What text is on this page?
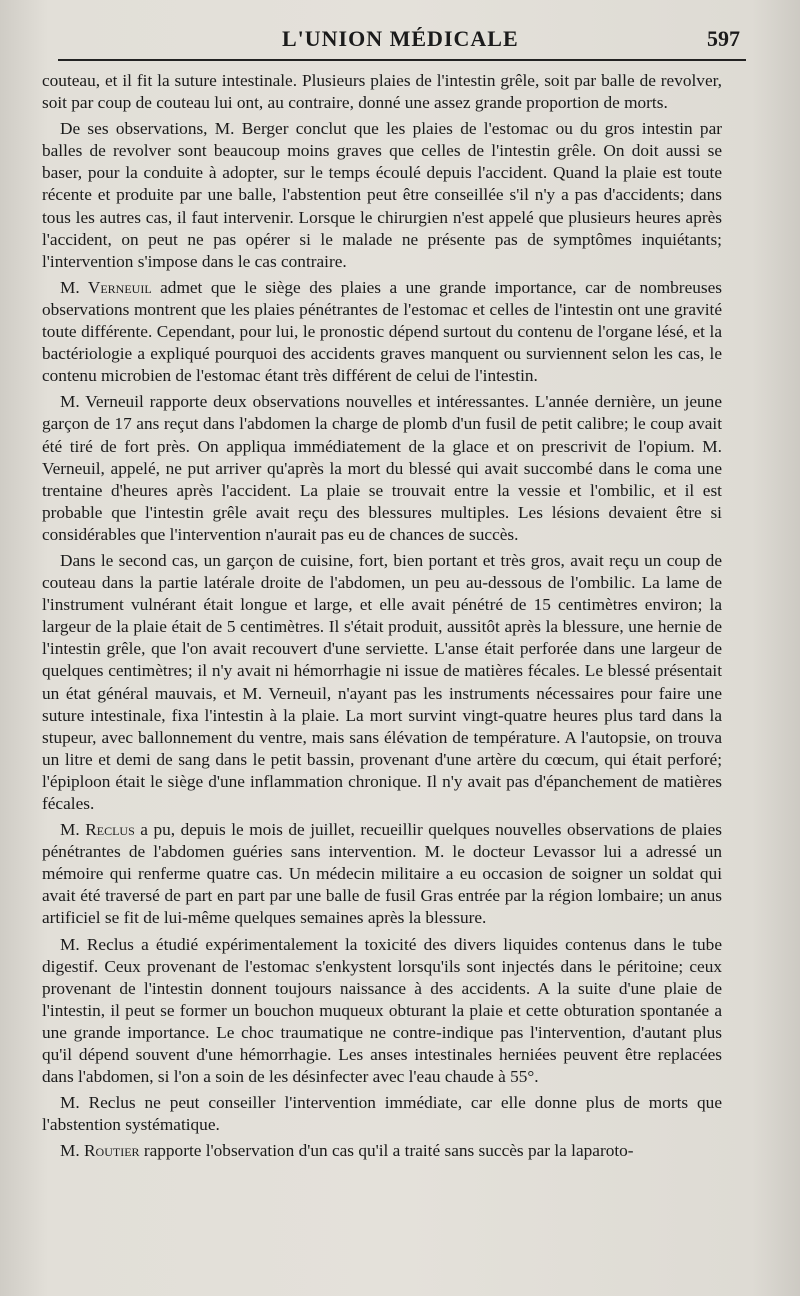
L'UNION MÉDICALE	597

couteau, et il fit la suture intestinale. Plusieurs plaies de l'intestin grêle, soit par balle de revolver, soit par coup de couteau lui ont, au contraire, donné une assez grande proportion de morts.

De ses observations, M. Berger conclut que les plaies de l'estomac ou du gros intestin par balles de revolver sont beaucoup moins graves que celles de l'intestin grêle. On doit aussi se baser, pour la conduite à adopter, sur le temps écoulé depuis l'accident. Quand la plaie est toute récente et produite par une balle, l'abstention peut être conseillée s'il n'y a pas d'accidents; dans tous les autres cas, il faut intervenir. Lorsque le chirurgien n'est appelé que plusieurs heures après l'accident, on peut ne pas opérer si le malade ne présente pas de symptômes inquiétants; l'intervention s'impose dans le cas contraire.

M. Verneuil admet que le siège des plaies a une grande importance, car de nombreuses observations montrent que les plaies pénétrantes de l'estomac et celles de l'intestin ont une gravité toute différente. Cependant, pour lui, le pronostic dépend surtout du contenu de l'organe lésé, et la bactériologie a expliqué pourquoi des accidents graves manquent ou surviennent selon les cas, le contenu microbien de l'estomac étant très différent de celui de l'intestin.

M. Verneuil rapporte deux observations nouvelles et intéressantes. L'année dernière, un jeune garçon de 17 ans reçut dans l'abdomen la charge de plomb d'un fusil de petit calibre; le coup avait été tiré de fort près. On appliqua immédiatement de la glace et on prescrivit de l'opium. M. Verneuil, appelé, ne put arriver qu'après la mort du blessé qui avait succombé dans le coma une trentaine d'heures après l'accident. La plaie se trouvait entre la vessie et l'ombilic, et il est probable que l'intestin grêle avait reçu des blessures multiples. Les lésions devaient être si considérables que l'intervention n'aurait pas eu de chances de succès.

Dans le second cas, un garçon de cuisine, fort, bien portant et très gros, avait reçu un coup de couteau dans la partie latérale droite de l'abdomen, un peu au-dessous de l'ombilic. La lame de l'instrument vulnérant était longue et large, et elle avait pénétré de 15 centimètres environ; la largeur de la plaie était de 5 centimètres. Il s'était produit, aussitôt après la blessure, une hernie de l'intestin grêle, que l'on avait recouvert d'une serviette. L'anse était perforée dans une largeur de quelques centimètres; il n'y avait ni hémorrhagie ni issue de matières fécales. Le blessé présentait un état général mauvais, et M. Verneuil, n'ayant pas les instruments nécessaires pour faire une suture intestinale, fixa l'intestin à la plaie. La mort survint vingt-quatre heures plus tard dans la stupeur, avec ballonnement du ventre, mais sans élévation de température. A l'autopsie, on trouva un litre et demi de sang dans le petit bassin, provenant d'une artère du cœcum, qui était perforé; l'épiploon était le siège d'une inflammation chronique. Il n'y avait pas d'épanchement de matières fécales.

M. Reclus a pu, depuis le mois de juillet, recueillir quelques nouvelles observations de plaies pénétrantes de l'abdomen guéries sans intervention. M. le docteur Levassor lui a adressé un mémoire qui renferme quatre cas. Un médecin militaire a eu occasion de soigner un soldat qui avait été traversé de part en part par une balle de fusil Gras entrée par la région lombaire; un anus artificiel se fit de lui-même quelques semaines après la blessure.

M. Reclus a étudié expérimentalement la toxicité des divers liquides contenus dans le tube digestif. Ceux provenant de l'estomac s'enkystent lorsqu'ils sont injectés dans le péritoine; ceux provenant de l'intestin donnent toujours naissance à des accidents. A la suite d'une plaie de l'intestin, il peut se former un bouchon muqueux obturant la plaie et cette obturation spontanée a une grande importance. Le choc traumatique ne contre-indique pas l'intervention, d'autant plus qu'il dépend souvent d'une hémorrhagie. Les anses intestinales herniées peuvent être replacées dans l'abdomen, si l'on a soin de les désinfecter avec l'eau chaude à 55°.

M. Reclus ne peut conseiller l'intervention immédiate, car elle donne plus de morts que l'abstention systématique.

M. Routier rapporte l'observation d'un cas qu'il a traité sans succès par la laparoto-
